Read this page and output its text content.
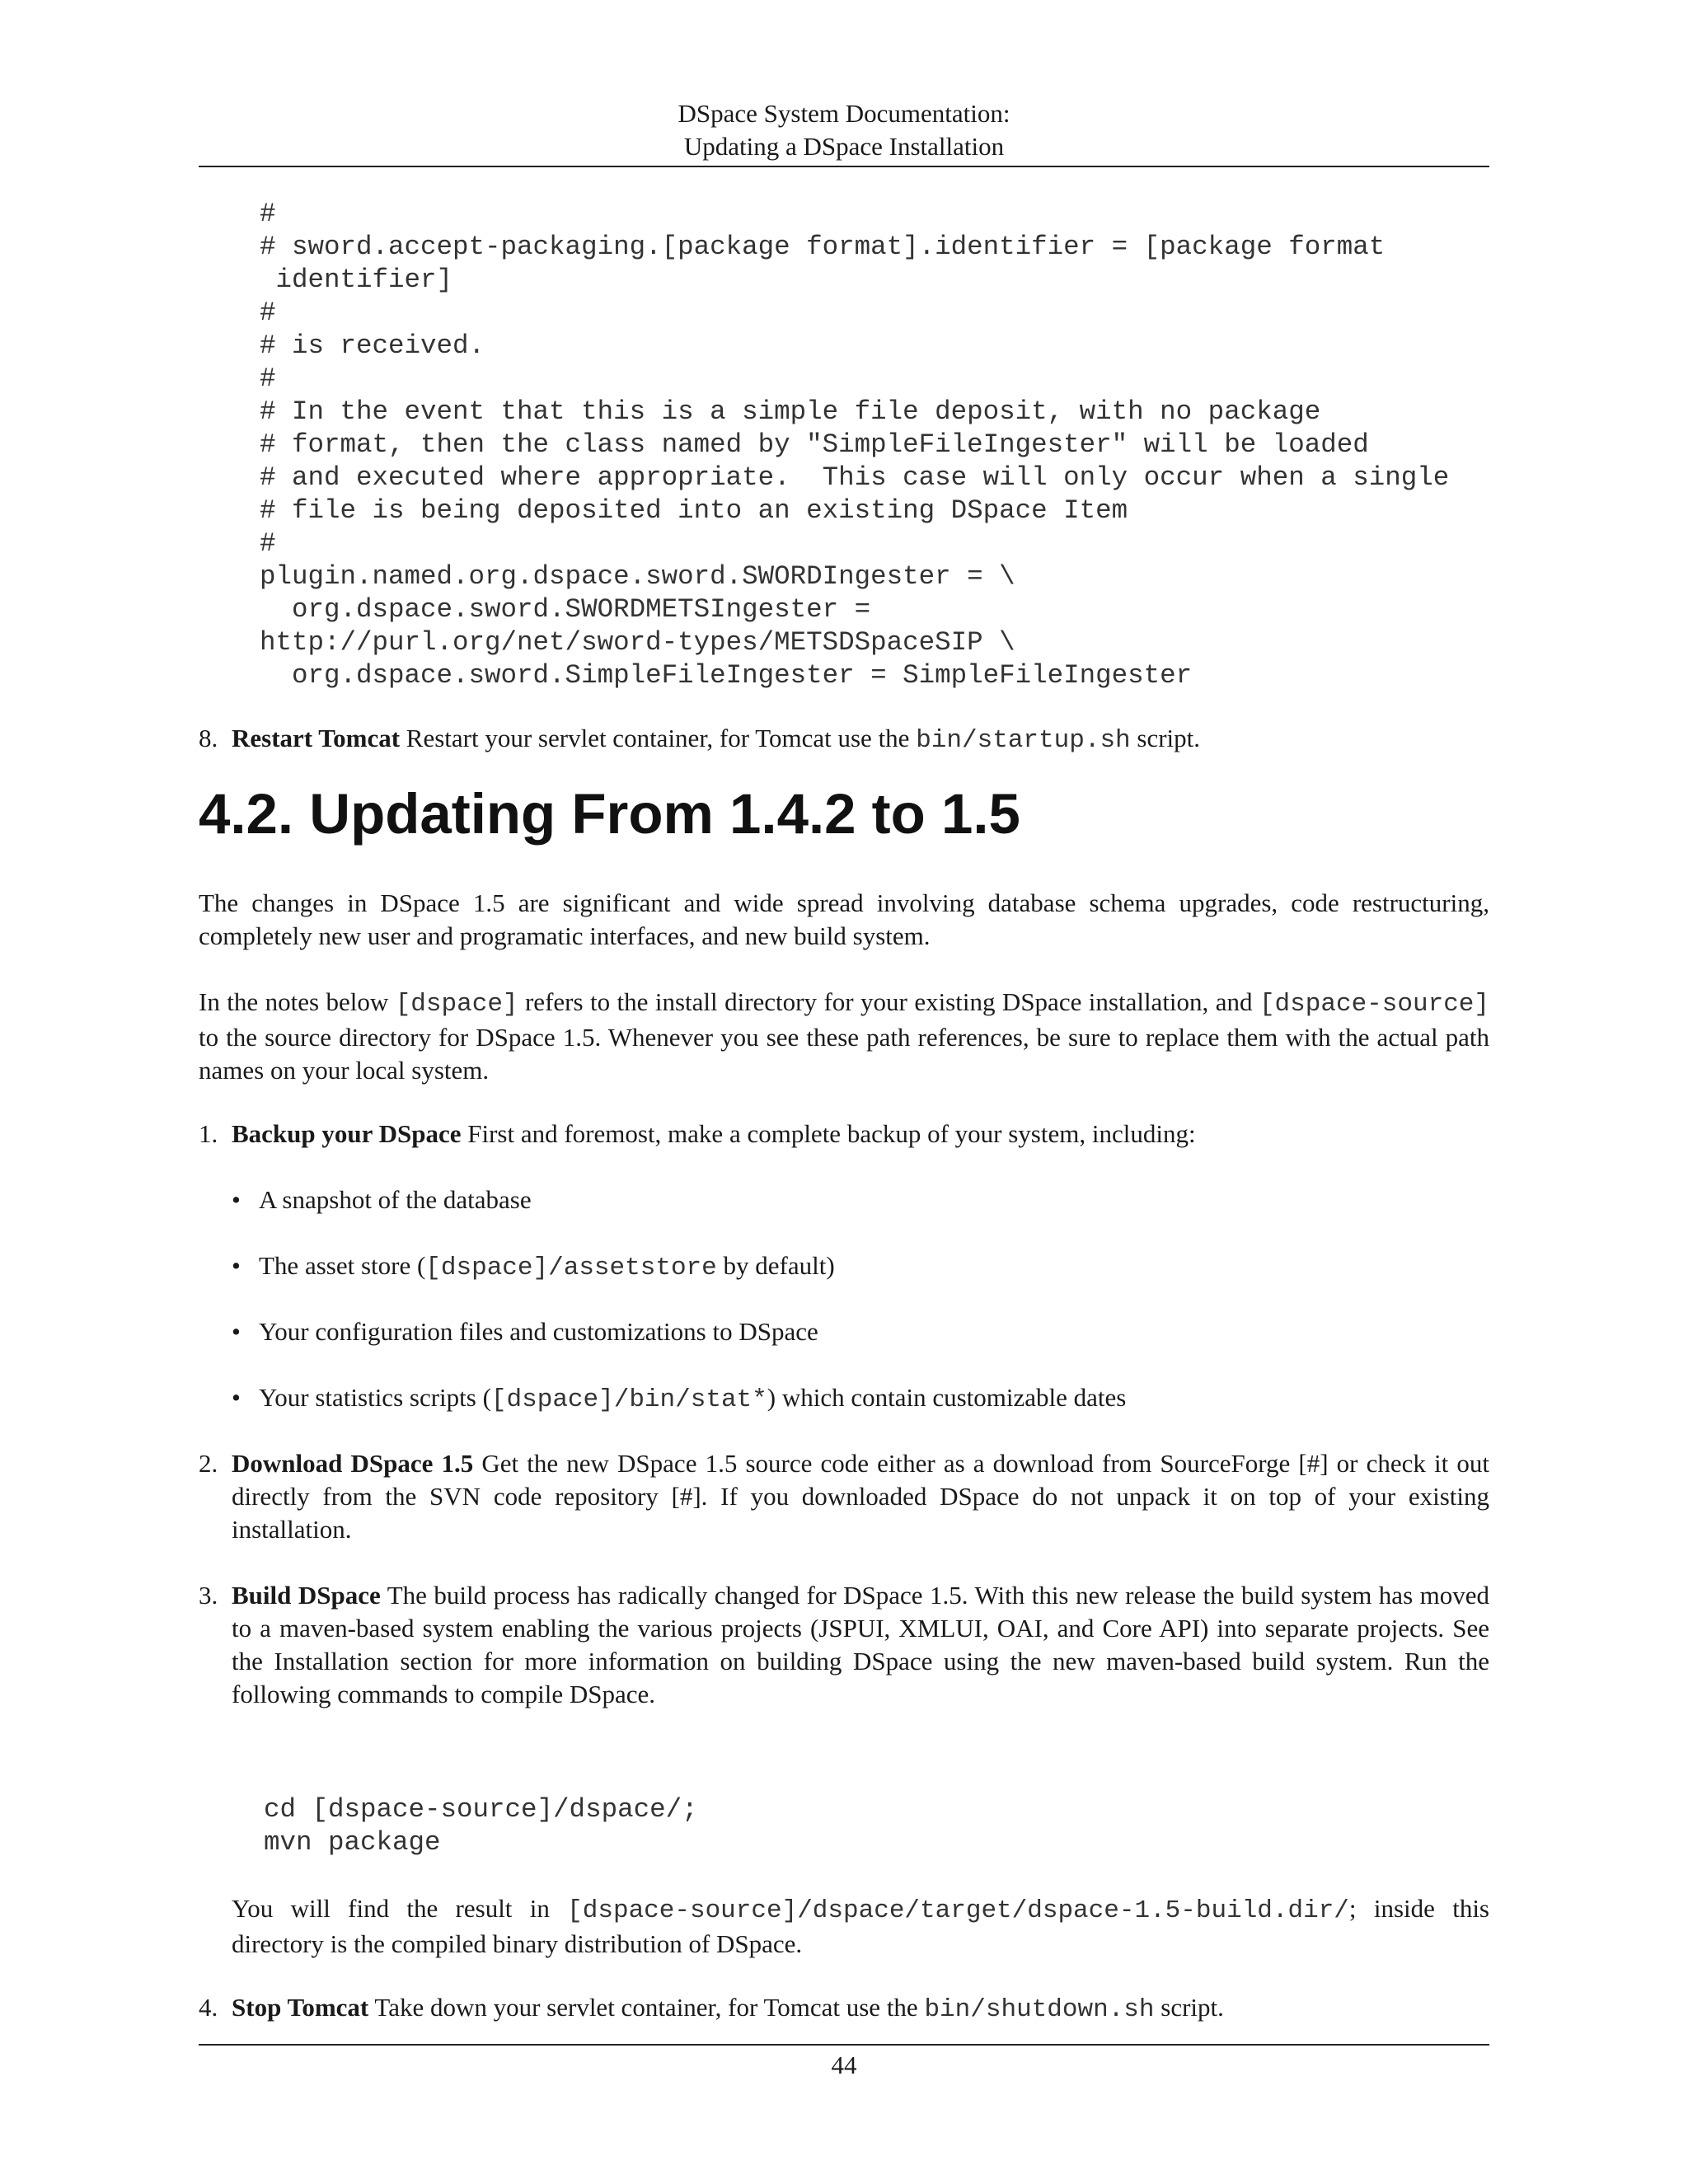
DSpace System Documentation:
Updating a DSpace Installation
#
# sword.accept-packaging.[package format].identifier = [package format
identifier]
#
# is received.
#
# In the event that this is a simple file deposit, with no package
# format, then the class named by "SimpleFileIngester" will be loaded
# and executed where appropriate.  This case will only occur when a single
# file is being deposited into an existing DSpace Item
#
plugin.named.org.dspace.sword.SWORDIngester = \
org.dspace.sword.SWORDMETSIngester =
http://purl.org/net/sword-types/METSDSpaceSIP \
org.dspace.sword.SimpleFileIngester = SimpleFileIngester
8. Restart Tomcat Restart your servlet container, for Tomcat use the bin/startup.sh script.
4.2. Updating From 1.4.2 to 1.5
The changes in DSpace 1.5 are significant and wide spread involving database schema upgrades, code restructuring, completely new user and programatic interfaces, and new build system.
In the notes below [dspace] refers to the install directory for your existing DSpace installation, and [dspace-source] to the source directory for DSpace 1.5. Whenever you see these path references, be sure to replace them with the actual path names on your local system.
1. Backup your DSpace First and foremost, make a complete backup of your system, including:
• A snapshot of the database
• The asset store ([dspace]/assetstore by default)
• Your configuration files and customizations to DSpace
• Your statistics scripts ([dspace]/bin/stat*) which contain customizable dates
2. Download DSpace 1.5 Get the new DSpace 1.5 source code either as a download from SourceForge [#] or check it out directly from the SVN code repository [#]. If you downloaded DSpace do not unpack it on top of your existing installation.
3. Build DSpace The build process has radically changed for DSpace 1.5. With this new release the build system has moved to a maven-based system enabling the various projects (JSPUI, XMLUI, OAI, and Core API) into separate projects. See the Installation section for more information on building DSpace using the new maven-based build system. Run the following commands to compile DSpace.
cd [dspace-source]/dspace/;
mvn package
You will find the result in [dspace-source]/dspace/target/dspace-1.5-build.dir/; inside this directory is the compiled binary distribution of DSpace.
4. Stop Tomcat Take down your servlet container, for Tomcat use the bin/shutdown.sh script.
44
